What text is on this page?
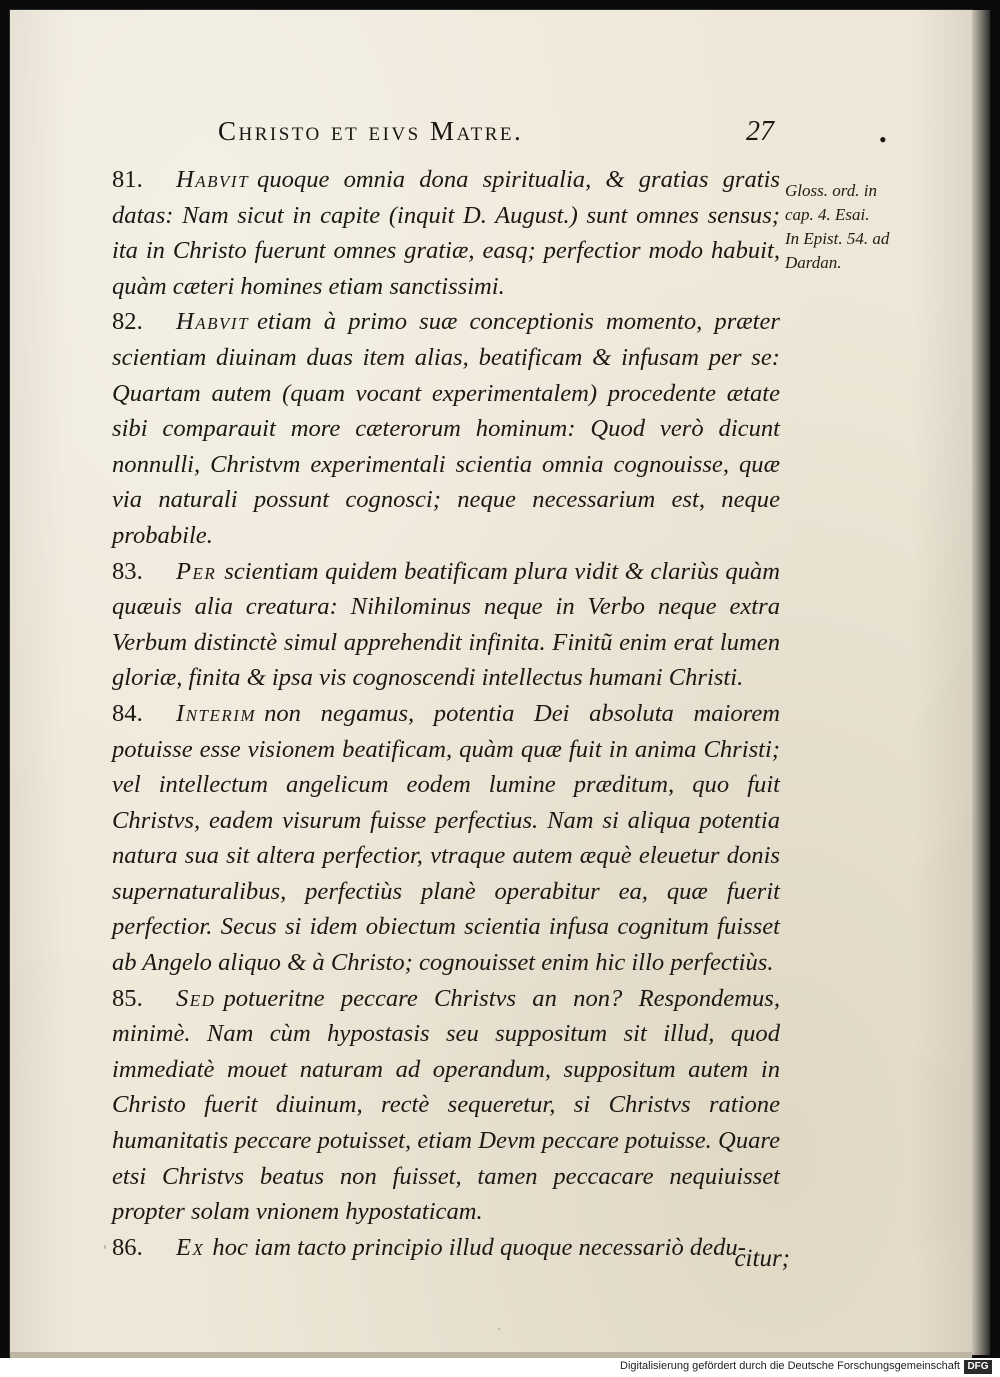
Christo et eivs Matre.	27	•
Gloss. ord. in
cap. 4. Esai.
In Epist. 54. ad
Dardan.

81. Habvit quoque omnia dona spiritualia, & gratias gratis datas: Nam sicut in capite (inquit D. August.) sunt omnes sensus; ita in Christo fuerunt omnes gratiæ, easq; perfectior modo habuit, quàm cæteri homines etiam sanctissimi.

82. Habvit etiam à primo suæ conceptionis momento, præter scientiam diuinam duas item alias, beatificam & infusam per se: Quartam autem (quam vocant experimentalem) procedente ætate sibi comparauit more cæterorum hominum: Quod verò dicunt nonnulli, Christvm experimentali scientia omnia cognouisse, quæ via naturali possunt cognosci; neque necessarium est, neque probabile.

83. Per scientiam quidem beatificam plura vidit & clariùs quàm quæuis alia creatura: Nihilominus neque in Verbo neque extra Verbum distinctè simul apprehendit infinita. Finitũ enim erat lumen gloriæ, finita & ipsa vis cognoscendi intellectus humani Christi.

84. Interim non negamus, potentia Dei absoluta maiorem potuisse esse visionem beatificam, quàm quæ fuit in anima Christi; vel intellectum angelicum eodem lumine præditum, quo fuit Christvs, eadem visurum fuisse perfectius. Nam si aliqua potentia natura sua sit altera perfectior, vtraque autem æquè eleuetur donis supernaturalibus, perfectiùs planè operabitur ea, quæ fuerit perfectior. Secus si idem obiectum scientia infusa cognitum fuisset ab Angelo aliquo & à Christo; cognouisset enim hic illo perfectiùs.

85. Sed potueritne peccare Christvs an non? Respondemus, minimè. Nam cùm hypostasis seu suppositum sit illud, quod immediatè mouet naturam ad operandum, suppositum autem in Christo fuerit diuinum, rectè sequeretur, si Christvs ratione humanitatis peccare potuisset, etiam Devm peccare potuisse. Quare etsi Christvs beatus non fuisset, tamen peccacare nequiuisset propter solam vnionem hypostaticam.

86. Ex hoc iam tacto principio illud quoque necessariò dedu-

citur;
Digitalisierung gefördert durch die Deutsche Forschungsgemeinschaft DFG
